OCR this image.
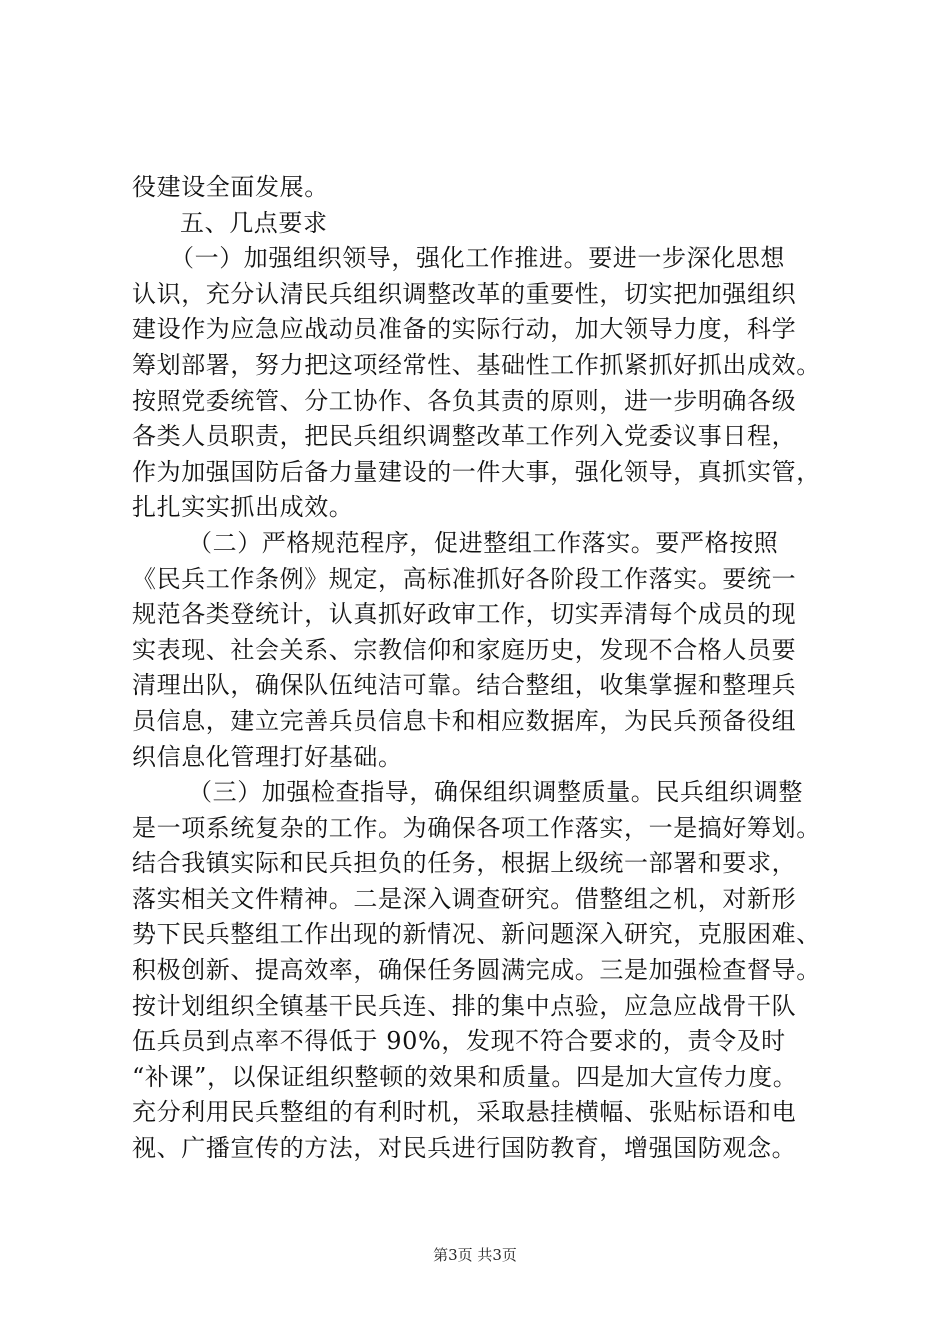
役建设全面发展。
五、几点要求
（一）加强组织领导，强化工作推进。要进一步深化思想
认识，充分认清民兵组织调整改革的重要性，切实把加强组织
建设作为应急应战动员准备的实际行动，加大领导力度，科学
筹划部署，努力把这项经常性、基础性工作抓紧抓好抓出成效。
按照党委统管、分工协作、各负其责的原则，进一步明确各级
各类人员职责，把民兵组织调整改革工作列入党委议事日程，
作为加强国防后备力量建设的一件大事，强化领导，真抓实管，
扎扎实实抓出成效。
（二）严格规范程序，促进整组工作落实。要严格按照
《民兵工作条例》规定，高标准抓好各阶段工作落实。要统一
规范各类登统计，认真抓好政审工作，切实弄清每个成员的现
实表现、社会关系、宗教信仰和家庭历史，发现不合格人员要
清理出队，确保队伍纯洁可靠。结合整组，收集掌握和整理兵
员信息，建立完善兵员信息卡和相应数据库，为民兵预备役组
织信息化管理打好基础。
（三）加强检查指导，确保组织调整质量。民兵组织调整
是一项系统复杂的工作。为确保各项工作落实，一是搞好筹划。
结合我镇实际和民兵担负的任务，根据上级统一部署和要求，
落实相关文件精神。二是深入调查研究。借整组之机，对新形
势下民兵整组工作出现的新情况、新问题深入研究，克服困难、
积极创新、提高效率，确保任务圆满完成。三是加强检查督导。
按计划组织全镇基干民兵连、排的集中点验，应急应战骨干队
伍兵员到点率不得低于 90%，发现不符合要求的，责令及时
“补课”，以保证组织整顿的效果和质量。四是加大宣传力度。
充分利用民兵整组的有利时机，采取悬挂横幅、张贴标语和电
视、广播宣传的方法，对民兵进行国防教育，增强国防观念。
第3页 共3页
